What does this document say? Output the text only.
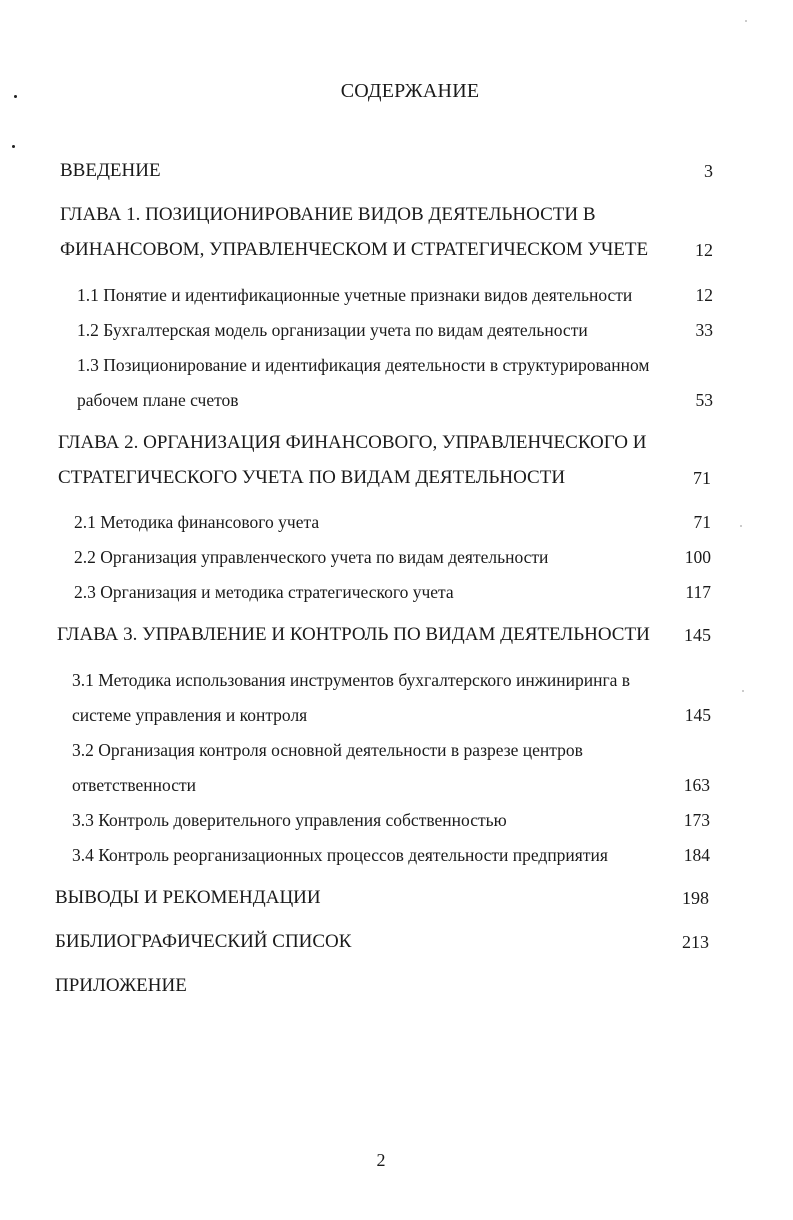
СОДЕРЖАНИЕ
ВВЕДЕНИЕ	3
ГЛАВА 1. ПОЗИЦИОНИРОВАНИЕ ВИДОВ ДЕЯТЕЛЬНОСТИ В
ФИНАНСОВОМ, УПРАВЛЕНЧЕСКОМ И СТРАТЕГИЧЕСКОМ УЧЕТЕ	12
1.1 Понятие и идентификационные учетные признаки видов деятельности	12
1.2 Бухгалтерская модель организации учета по видам деятельности	33
1.3 Позиционирование и идентификация деятельности в структурированном
рабочем плане счетов	53
ГЛАВА 2. ОРГАНИЗАЦИЯ ФИНАНСОВОГО, УПРАВЛЕНЧЕСКОГО И
СТРАТЕГИЧЕСКОГО УЧЕТА ПО ВИДАМ ДЕЯТЕЛЬНОСТИ	71
2.1 Методика финансового учета	71
2.2 Организация управленческого учета по видам деятельности	100
2.3 Организация и методика стратегического учета	117
ГЛАВА 3. УПРАВЛЕНИЕ И КОНТРОЛЬ ПО ВИДАМ ДЕЯТЕЛЬНОСТИ	145
3.1 Методика использования инструментов бухгалтерского инжиниринга в
системе управления и контроля	145
3.2 Организация контроля основной деятельности в разрезе центров
ответственности	163
3.3 Контроль доверительного управления собственностью	173
3.4 Контроль реорганизационных процессов деятельности предприятия	184
ВЫВОДЫ И РЕКОМЕНДАЦИИ	198
БИБЛИОГРАФИЧЕСКИЙ СПИСОК	213
ПРИЛОЖЕНИЕ
2
